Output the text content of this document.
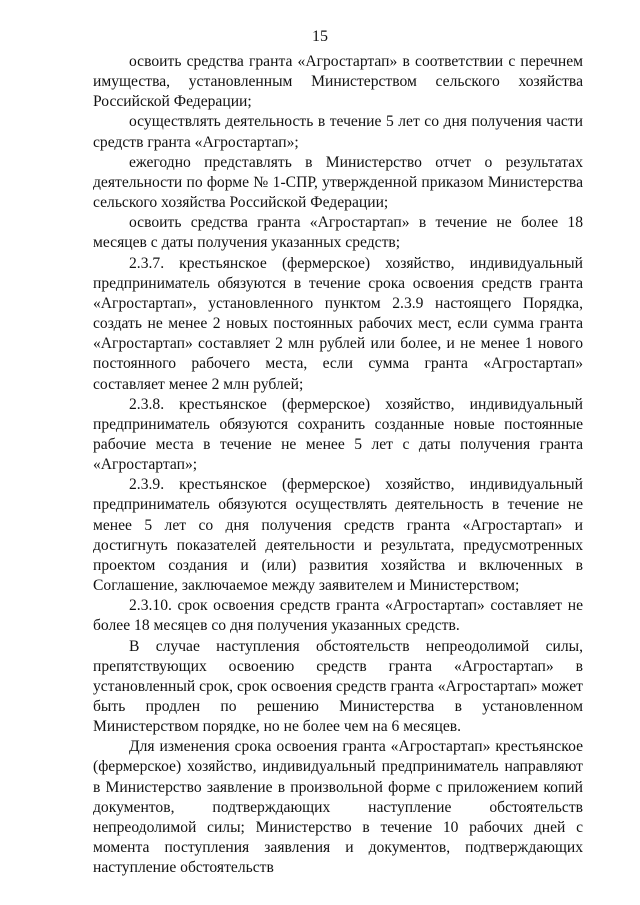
15

освоить средства гранта «Агростартап» в соответствии с перечнем имущества, установленным Министерством сельского хозяйства Российской Федерации;

осуществлять деятельность в течение 5 лет со дня получения части средств гранта «Агростартап»;

ежегодно представлять в Министерство отчет о результатах деятельности по форме № 1-СПР, утвержденной приказом Министерства сельского хозяйства Российской Федерации;

освоить средства гранта «Агростартап» в течение не более 18 месяцев с даты получения указанных средств;

2.3.7. крестьянское (фермерское) хозяйство, индивидуальный предприниматель обязуются в течение срока освоения средств гранта «Агростартап», установленного пунктом 2.3.9 настоящего Порядка, создать не менее 2 новых постоянных рабочих мест, если сумма гранта «Агростартап» составляет 2 млн рублей или более, и не менее 1 нового постоянного рабочего места, если сумма гранта «Агростартап» составляет менее 2 млн рублей;

2.3.8. крестьянское (фермерское) хозяйство, индивидуальный предприниматель обязуются сохранить созданные новые постоянные рабочие места в течение не менее 5 лет с даты получения гранта «Агростартап»;

2.3.9. крестьянское (фермерское) хозяйство, индивидуальный предприниматель обязуются осуществлять деятельность в течение не менее 5 лет со дня получения средств гранта «Агростартап» и достигнуть показателей деятельности и результата, предусмотренных проектом создания и (или) развития хозяйства и включенных в Соглашение, заключаемое между заявителем и Министерством;

2.3.10. срок освоения средств гранта «Агростартап» составляет не более 18 месяцев со дня получения указанных средств.

В случае наступления обстоятельств непреодолимой силы, препятствующих освоению средств гранта «Агростартап» в установленный срок, срок освоения средств гранта «Агростартап» может быть продлен по решению Министерства в установленном Министерством порядке, но не более чем на 6 месяцев.

Для изменения срока освоения гранта «Агростартап» крестьянское (фермерское) хозяйство, индивидуальный предприниматель направляют в Министерство заявление в произвольной форме с приложением копий документов, подтверждающих наступление обстоятельств непреодолимой силы; Министерство в течение 10 рабочих дней с момента поступления заявления и документов, подтверждающих наступление обстоятельств
